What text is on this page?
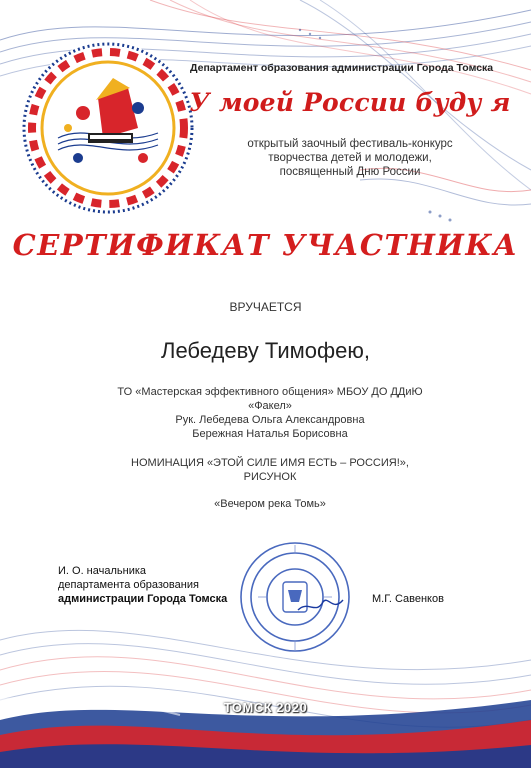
Департамент образования администрации Города Томска
У моей России буду я
открытый заочный фестиваль-конкурс
творчества детей и молодежи,
посвященный Дню России
СЕРТИФИКАТ УЧАСТНИКА
ВРУЧАЕТСЯ
Лебедеву Тимофею,
ТО «Мастерская эффективного общения» МБОУ ДО ДДиЮ
«Факел»
Рук. Лебедева Ольга Александровна
Бережная Наталья Борисовна
НОМИНАЦИЯ «ЭТОЙ СИЛЕ ИМЯ ЕСТЬ – РОССИЯ!»,
РИСУНОК
«Вечером река Томь»
И. О. начальника
департамента образования
администрации Города Томска	М.Г. Савенков
ТОМСК 2020
